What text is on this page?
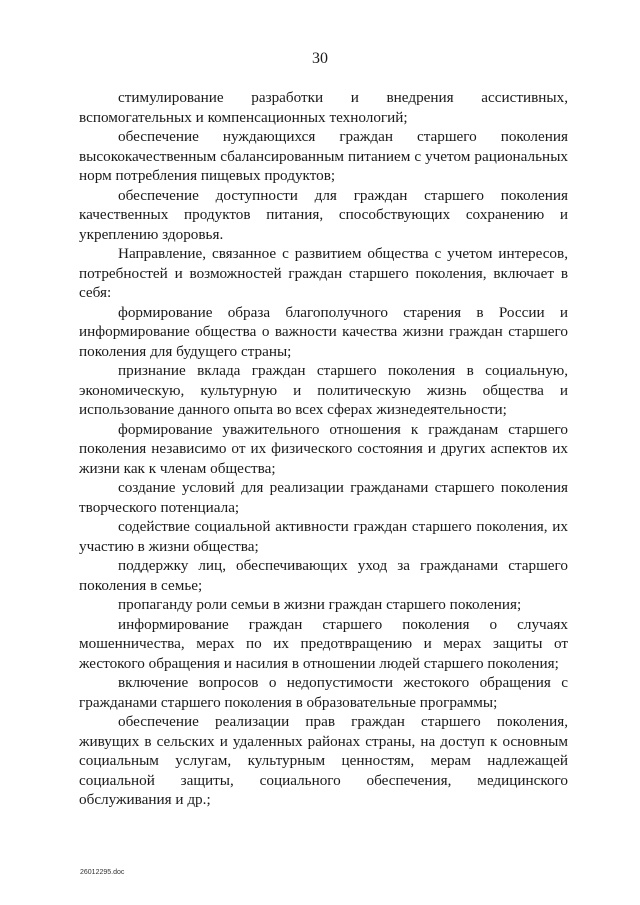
30

стимулирование разработки и внедрения ассистивных, вспомогательных и компенсационных технологий;

обеспечение нуждающихся граждан старшего поколения высококачественным сбалансированным питанием с учетом рациональных норм потребления пищевых продуктов;

обеспечение доступности для граждан старшего поколения качественных продуктов питания, способствующих сохранению и укреплению здоровья.

Направление, связанное с развитием общества с учетом интересов, потребностей и возможностей граждан старшего поколения, включает в себя:

формирование образа благополучного старения в России и информирование общества о важности качества жизни граждан старшего поколения для будущего страны;

признание вклада граждан старшего поколения в социальную, экономическую, культурную и политическую жизнь общества и использование данного опыта во всех сферах жизнедеятельности;

формирование уважительного отношения к гражданам старшего поколения независимо от их физического состояния и других аспектов их жизни как к членам общества;

создание условий для реализации гражданами старшего поколения творческого потенциала;

содействие социальной активности граждан старшего поколения, их участию в жизни общества;

поддержку лиц, обеспечивающих уход за гражданами старшего поколения в семье;

пропаганду роли семьи в жизни граждан старшего поколения;

информирование граждан старшего поколения о случаях мошенничества, мерах по их предотвращению и мерах защиты от жестокого обращения и насилия в отношении людей старшего поколения;

включение вопросов о недопустимости жестокого обращения с гражданами старшего поколения в образовательные программы;

обеспечение реализации прав граждан старшего поколения, живущих в сельских и удаленных районах страны, на доступ к основным социальным услугам, культурным ценностям, мерам надлежащей социальной защиты, социального обеспечения, медицинского обслуживания и др.;

26012295.doc
